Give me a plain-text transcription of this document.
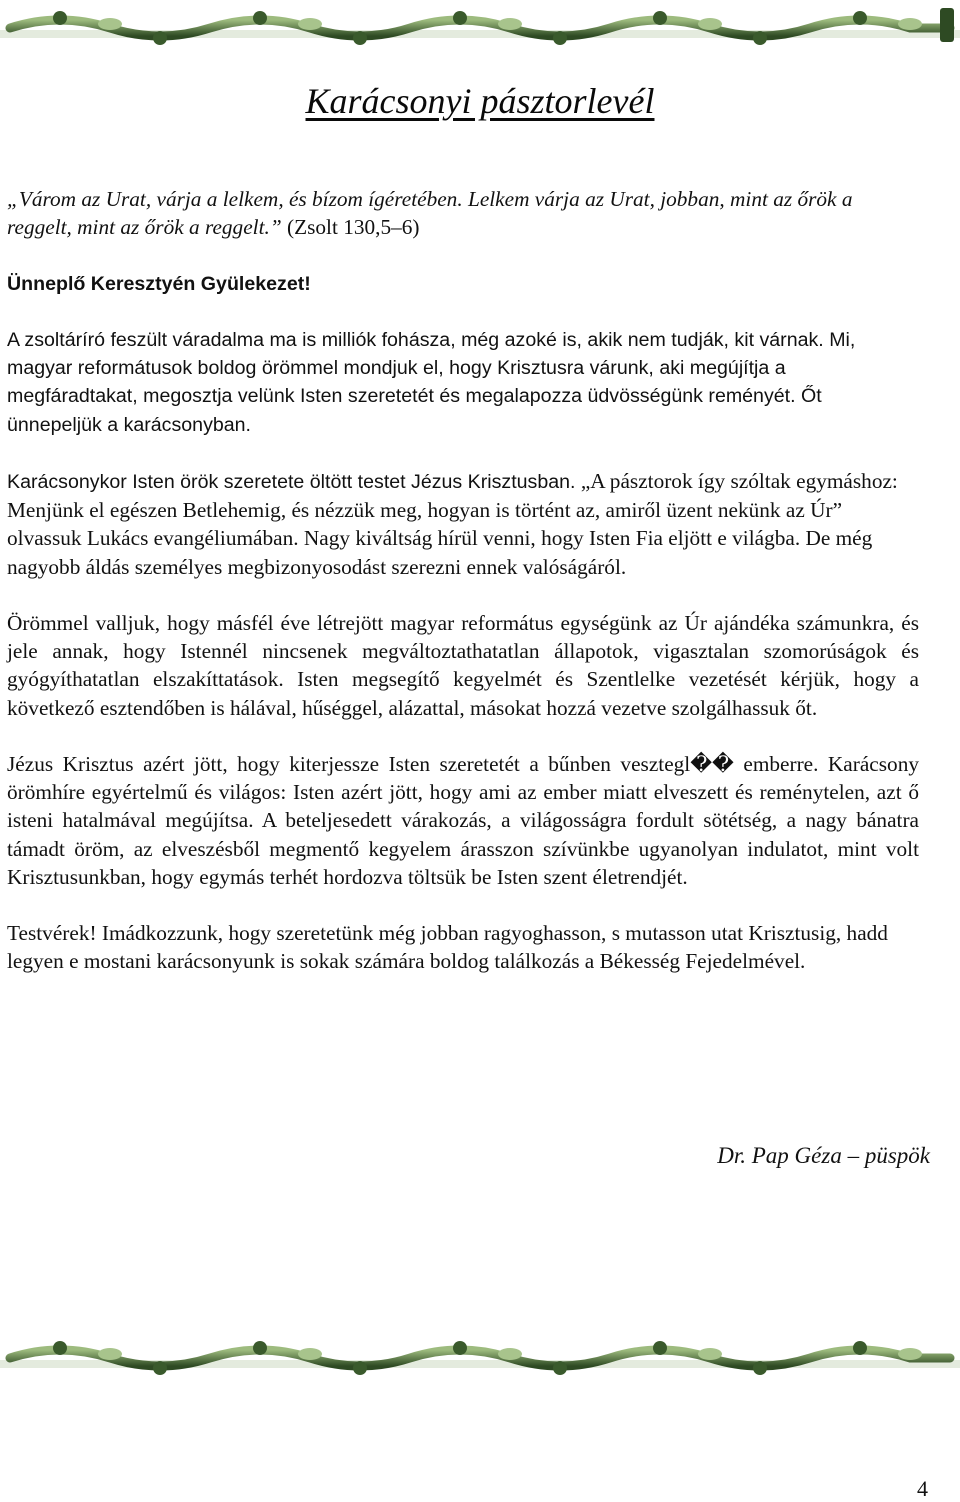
Karácsonyi pásztorlevél

„Várom az Urat, várja a lelkem, és bízom ígéretében. Lelkem várja az Urat, jobban, mint az őrök a reggelt, mint az őrök a reggelt.” (Zsolt 130,5–6)

Ünneplő Keresztyén Gyülekezet!

A zsoltáríró feszült váradalma ma is milliók fohásza, még azoké is, akik nem tudják, kit várnak. Mi, magyar reformátusok boldog örömmel mondjuk el, hogy Krisztusra várunk, aki megújítja a megfáradtakat, megosztja velünk Isten szeretetét és megalapozza üdvösségünk reményét. Őt ünnepeljük a karácsonyban.

Karácsonykor Isten örök szeretete öltött testet Jézus Krisztusban. „A pásztorok így szóltak egymáshoz: Menjünk el egészen Betlehemig, és nézzük meg, hogyan is történt az, amiről üzent nekünk az Úr” olvassuk Lukács evangéliumában. Nagy kiváltság hírül venni, hogy Isten Fia eljött e világba. De még nagyobb áldás személyes megbizonyosodást szerezni ennek valóságáról.

Örömmel valljuk, hogy másfél éve létrejött magyar református egységünk az Úr ajándéka számunkra, és jele annak, hogy Istennél nincsenek megváltoztathatatlan állapotok, vigasztalan szomorúságok és gyógyíthatatlan elszakíttatások. Isten megsegítő kegyelmét és Szentlelke vezetését kérjük, hogy a következő esztendőben is hálával, hűséggel, alázattal, másokat hozzá vezetve szolgálhassuk őt.

Jézus Krisztus azért jött, hogy kiterjessze Isten szeretetét a bűnben vesztegl�� emberre. Karácsony örömhíre egyértelmű és világos: Isten azért jött, hogy ami az ember miatt elveszett és reménytelen, azt ő isteni hatalmával megújítsa. A beteljesedett várakozás, a világosságra fordult sötétség, a nagy bánatra támadt öröm, az elveszésből megmentő kegyelem árasszon szívünkbe ugyanolyan indulatot, mint volt Krisztusunkban, hogy egymás terhét hordozva töltsük be Isten szent életrendjét.

Testvérek! Imádkozzunk, hogy szeretetünk még jobban ragyoghasson, s mutasson utat Krisztusig, hadd legyen e mostani karácsonyunk is sokak számára boldog találkozás a Békesség Fejedelmével.

Dr. Pap Géza – püspök

4
